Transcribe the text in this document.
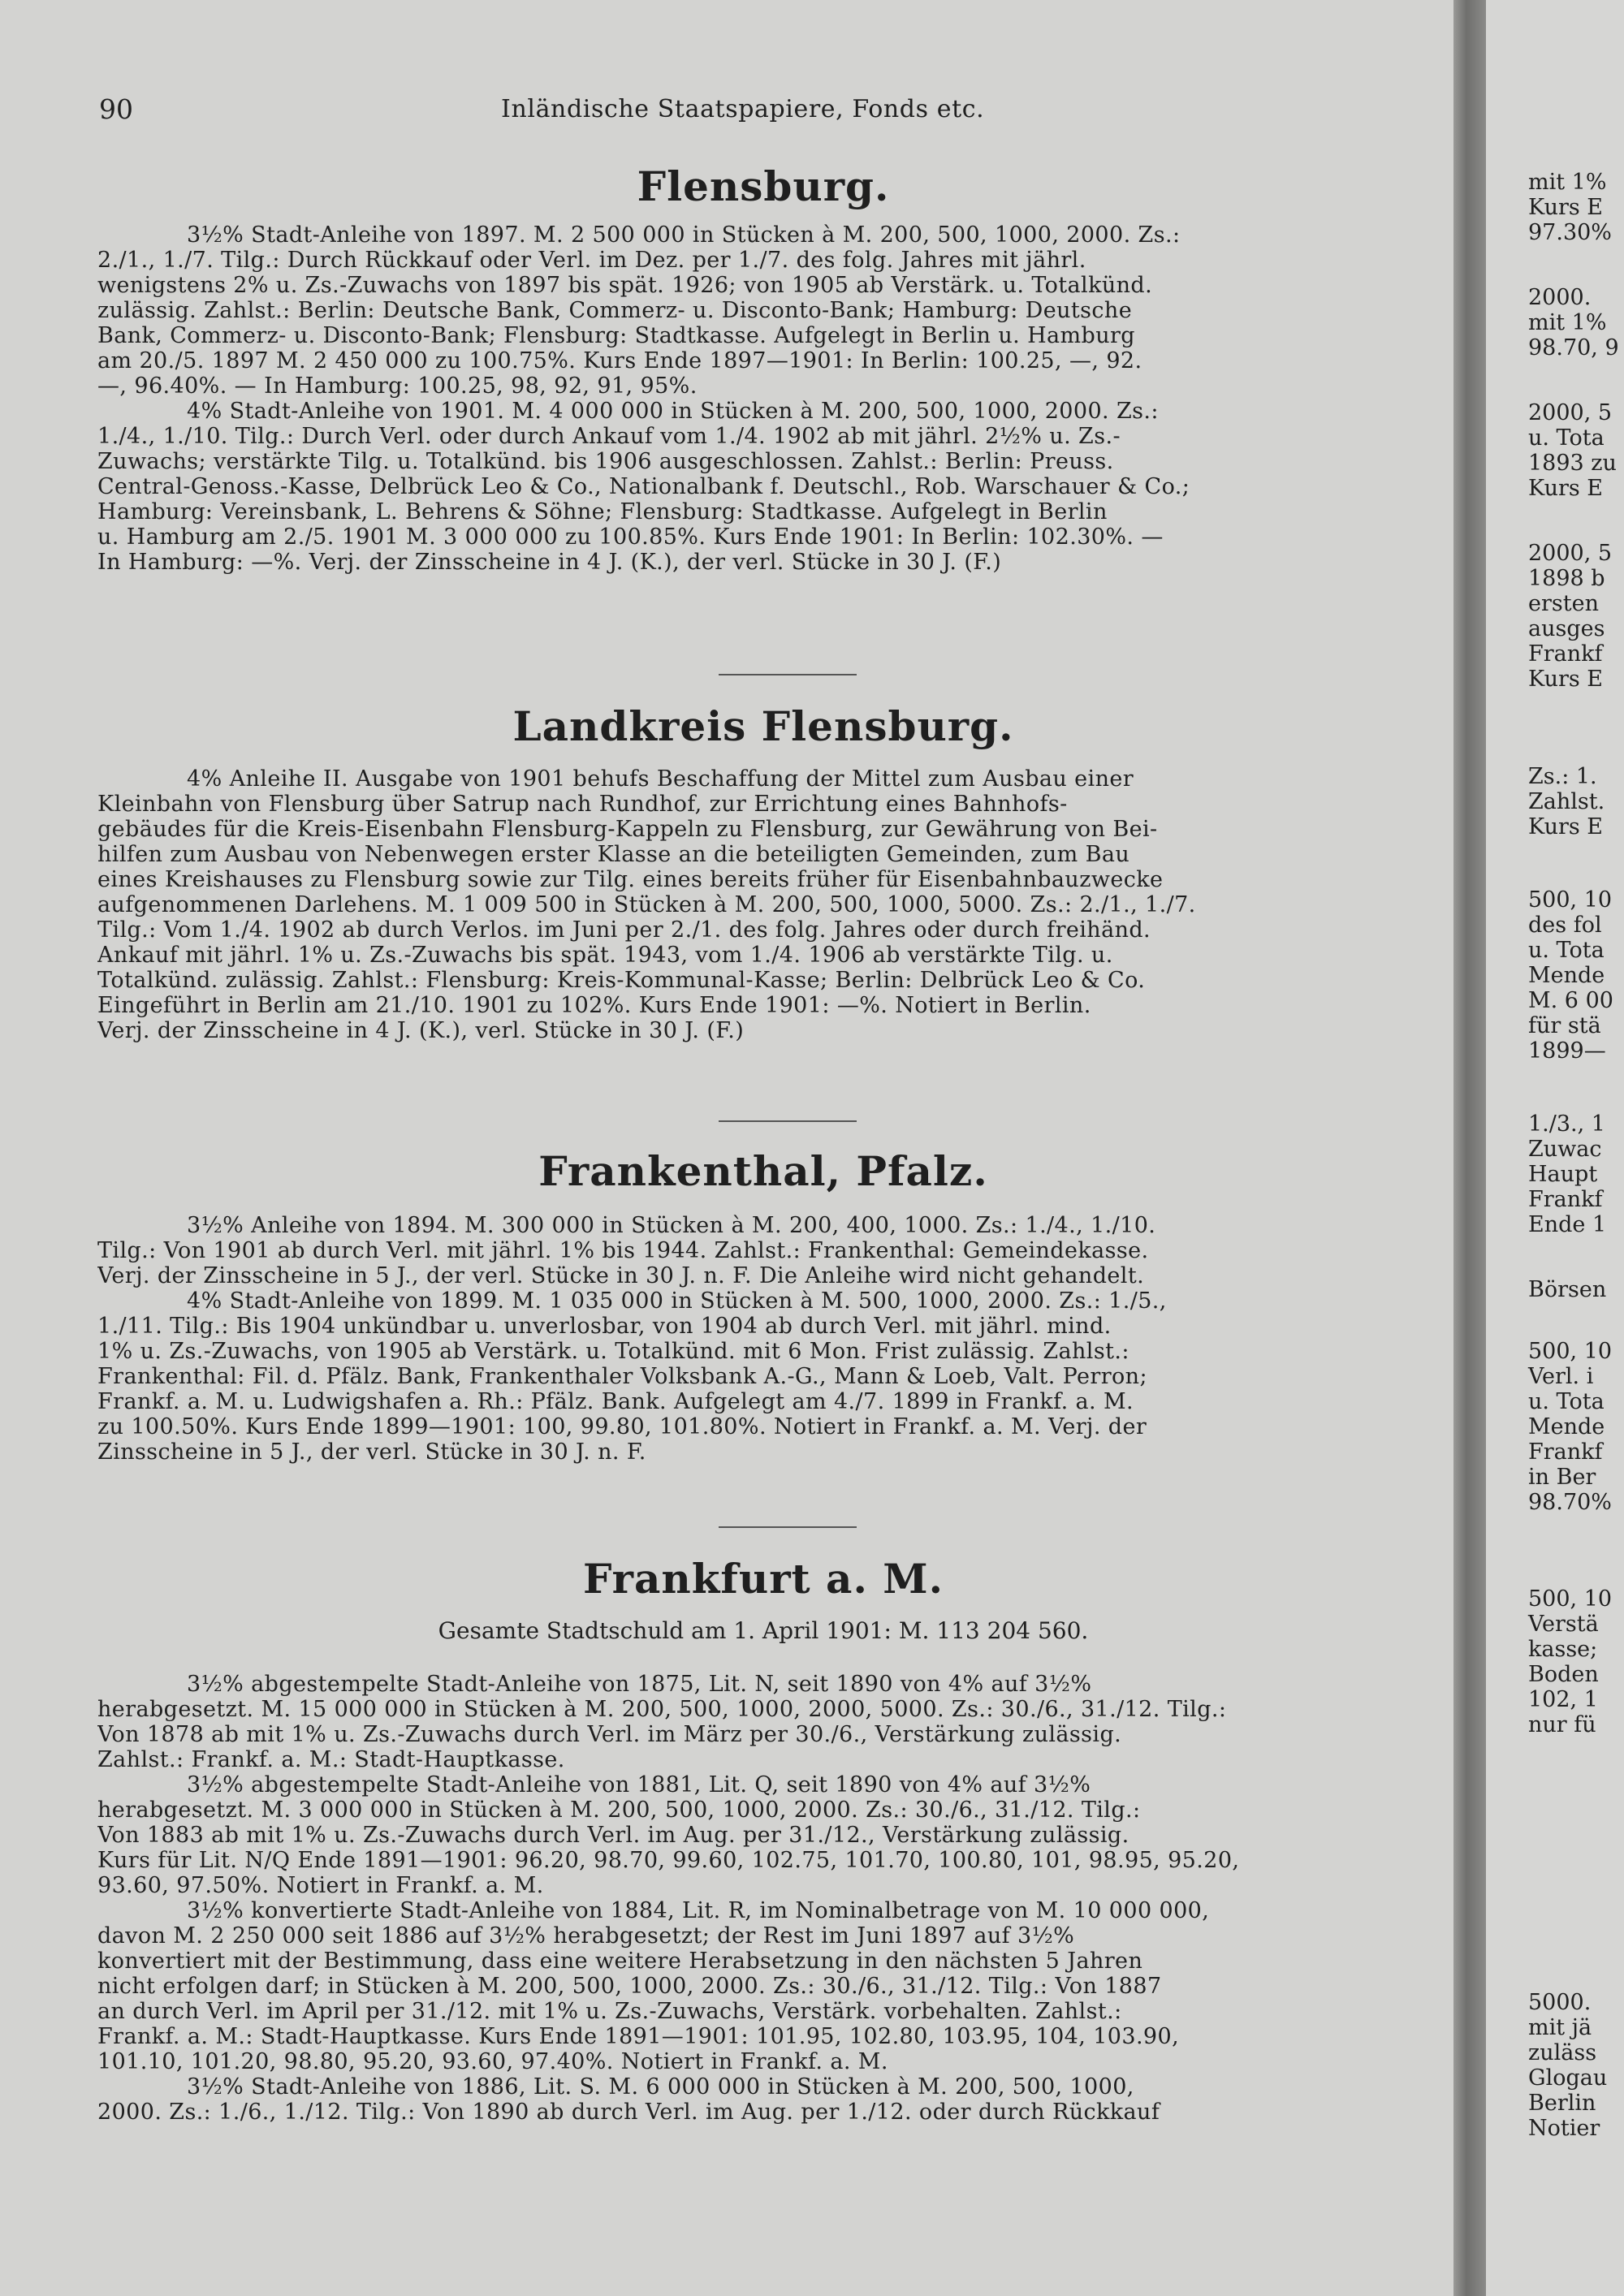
90	Inländische Staatspapiere, Fonds etc.
Flensburg.
3½% Stadt-Anleihe von 1897. M. 2 500 000 in Stücken à M. 200, 500, 1000, 2000. Zs.:
2./1., 1./7. Tilg.: Durch Rückkauf oder Verl. im Dez. per 1./7. des folg. Jahres mit jährl.
wenigstens 2% u. Zs.-Zuwachs von 1897 bis spät. 1926; von 1905 ab Verstärk. u. Totalkünd.
zulässig. Zahlst.: Berlin: Deutsche Bank, Commerz- u. Disconto-Bank; Hamburg: Deutsche
Bank, Commerz- u. Disconto-Bank; Flensburg: Stadtkasse. Aufgelegt in Berlin u. Hamburg
am 20./5. 1897 M. 2 450 000 zu 100.75%. Kurs Ende 1897—1901: In Berlin: 100.25, —, 92.
—, 96.40%. — In Hamburg: 100.25, 98, 92, 91, 95%.
4% Stadt-Anleihe von 1901. M. 4 000 000 in Stücken à M. 200, 500, 1000, 2000. Zs.:
1./4., 1./10. Tilg.: Durch Verl. oder durch Ankauf vom 1./4. 1902 ab mit jährl. 2½% u. Zs.-
Zuwachs; verstärkte Tilg. u. Totalkünd. bis 1906 ausgeschlossen. Zahlst.: Berlin: Preuss.
Central-Genoss.-Kasse, Delbrück Leo & Co., Nationalbank f. Deutschl., Rob. Warschauer & Co.;
Hamburg: Vereinsbank, L. Behrens & Söhne; Flensburg: Stadtkasse. Aufgelegt in Berlin
u. Hamburg am 2./5. 1901 M. 3 000 000 zu 100.85%. Kurs Ende 1901: In Berlin: 102.30%. —
In Hamburg: —%. Verj. der Zinsscheine in 4 J. (K.), der verl. Stücke in 30 J. (F.)
Landkreis Flensburg.
4% Anleihe II. Ausgabe von 1901 behufs Beschaffung der Mittel zum Ausbau einer
Kleinbahn von Flensburg über Satrup nach Rundhof, zur Errichtung eines Bahnhofs-
gebäudes für die Kreis-Eisenbahn Flensburg-Kappeln zu Flensburg, zur Gewährung von Bei-
hilfen zum Ausbau von Nebenwegen erster Klasse an die beteiligten Gemeinden, zum Bau
eines Kreishauses zu Flensburg sowie zur Tilg. eines bereits früher für Eisenbahnbauzwecke
aufgenommenen Darlehens. M. 1 009 500 in Stücken à M. 200, 500, 1000, 5000. Zs.: 2./1., 1./7.
Tilg.: Vom 1./4. 1902 ab durch Verlos. im Juni per 2./1. des folg. Jahres oder durch freihänd.
Ankauf mit jährl. 1% u. Zs.-Zuwachs bis spät. 1943, vom 1./4. 1906 ab verstärkte Tilg. u.
Totalkünd. zulässig. Zahlst.: Flensburg: Kreis-Kommunal-Kasse; Berlin: Delbrück Leo & Co.
Eingeführt in Berlin am 21./10. 1901 zu 102%. Kurs Ende 1901: —%. Notiert in Berlin.
Verj. der Zinsscheine in 4 J. (K.), verl. Stücke in 30 J. (F.)
Frankenthal, Pfalz.
3½% Anleihe von 1894. M. 300 000 in Stücken à M. 200, 400, 1000. Zs.: 1./4., 1./10.
Tilg.: Von 1901 ab durch Verl. mit jährl. 1% bis 1944. Zahlst.: Frankenthal: Gemeindekasse.
Verj. der Zinsscheine in 5 J., der verl. Stücke in 30 J. n. F. Die Anleihe wird nicht gehandelt.
4% Stadt-Anleihe von 1899. M. 1 035 000 in Stücken à M. 500, 1000, 2000. Zs.: 1./5.,
1./11. Tilg.: Bis 1904 unkündbar u. unverlosbar, von 1904 ab durch Verl. mit jährl. mind.
1% u. Zs.-Zuwachs, von 1905 ab Verstärk. u. Totalkünd. mit 6 Mon. Frist zulässig. Zahlst.:
Frankenthal: Fil. d. Pfälz. Bank, Frankenthaler Volksbank A.-G., Mann & Loeb, Valt. Perron;
Frankf. a. M. u. Ludwigshafen a. Rh.: Pfälz. Bank. Aufgelegt am 4./7. 1899 in Frankf. a. M.
zu 100.50%. Kurs Ende 1899—1901: 100, 99.80, 101.80%. Notiert in Frankf. a. M. Verj. der
Zinsscheine in 5 J., der verl. Stücke in 30 J. n. F.
Frankfurt a. M.
Gesamte Stadtschuld am 1. April 1901: M. 113 204 560.
3½% abgestempelte Stadt-Anleihe von 1875, Lit. N, seit 1890 von 4% auf 3½%
herabgesetzt. M. 15 000 000 in Stücken à M. 200, 500, 1000, 2000, 5000. Zs.: 30./6., 31./12. Tilg.:
Von 1878 ab mit 1% u. Zs.-Zuwachs durch Verl. im März per 30./6., Verstärkung zulässig.
Zahlst.: Frankf. a. M.: Stadt-Hauptkasse.
3½% abgestempelte Stadt-Anleihe von 1881, Lit. Q, seit 1890 von 4% auf 3½%
herabgesetzt. M. 3 000 000 in Stücken à M. 200, 500, 1000, 2000. Zs.: 30./6., 31./12. Tilg.:
Von 1883 ab mit 1% u. Zs.-Zuwachs durch Verl. im Aug. per 31./12., Verstärkung zulässig.
Kurs für Lit. N/Q Ende 1891—1901: 96.20, 98.70, 99.60, 102.75, 101.70, 100.80, 101, 98.95, 95.20,
93.60, 97.50%. Notiert in Frankf. a. M.
3½% konvertierte Stadt-Anleihe von 1884, Lit. R, im Nominalbetrage von M. 10 000 000,
davon M. 2 250 000 seit 1886 auf 3½% herabgesetzt; der Rest im Juni 1897 auf 3½%
konvertiert mit der Bestimmung, dass eine weitere Herabsetzung in den nächsten 5 Jahren
nicht erfolgen darf; in Stücken à M. 200, 500, 1000, 2000. Zs.: 30./6., 31./12. Tilg.: Von 1887
an durch Verl. im April per 31./12. mit 1% u. Zs.-Zuwachs, Verstärk. vorbehalten. Zahlst.:
Frankf. a. M.: Stadt-Hauptkasse. Kurs Ende 1891—1901: 101.95, 102.80, 103.95, 104, 103.90,
101.10, 101.20, 98.80, 95.20, 93.60, 97.40%. Notiert in Frankf. a. M.
3½% Stadt-Anleihe von 1886, Lit. S. M. 6 000 000 in Stücken à M. 200, 500, 1000,
2000. Zs.: 1./6., 1./12. Tilg.: Von 1890 ab durch Verl. im Aug. per 1./12. oder durch Rückkauf
mit 1%
Kurs E
97.30%
2000.
mit 1%
98.70, 9
2000, 5
u. Tota
1893 zu
Kurs E
2000, 5
1898 b
ersten
ausges
Frankf
Kurs E
Zs.: 1.
Zahlst.
Kurs E
500, 10
des fol
u. Tota
Mende
M. 6 00
für stä
1899—
1./3., 1
Zuwac
Haupt
Frankf
Ende 1
Börsen
500, 10
Verl. i
u. Tota
Mende
Frankf
in Ber
98.70%
500, 10
Verstä
kasse;
Boden
102, 1
nur fü
5000.
mit jä
zuläss
Glogau
Berlin
Notier
